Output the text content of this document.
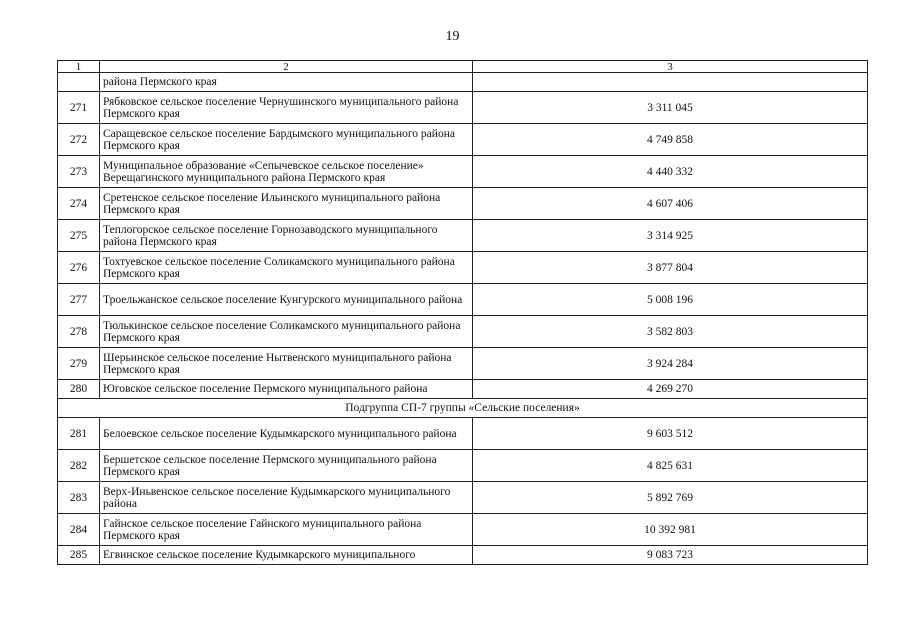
19
1	2	3
	района Пермского края	
271	Рябковское сельское поселение Чернушинского муниципального района Пермского края	3 311 045
272	Саращевское сельское поселение Бардымского муниципального района Пермского края	4 749 858
273	Муниципальное образование «Сепычевское сельское поселение» Верещагинского муниципального района Пермского края	4 440 332
274	Сретенское сельское поселение Ильинского муниципального района Пермского края	4 607 406
275	Теплогорское сельское поселение Горнозаводского муниципального района Пермского края	3 314 925
276	Тохтуевское сельское поселение Соликамского муниципального района Пермского края	3 877 804
277	Троельжанское сельское поселение Кунгурского муниципального района	5 008 196
278	Тюлькинское сельское поселение Соликамского муниципального района Пермского края	3 582 803
279	Шерьинское сельское поселение Нытвенского муниципального района Пермского края	3 924 284
280	Юговское сельское поселение Пермского муниципального района	4 269 270
Подгруппа СП-7 группы «Сельские поселения»		
281	Белоевское сельское поселение Кудымкарского муниципального района	9 603 512
282	Бершетское сельское поселение Пермского муниципального района Пермского края	4 825 631
283	Верх-Иньвенское сельское поселение Кудымкарского муниципального района	5 892 769
284	Гайнское сельское поселение Гайнского муниципального района Пермского края	10 392 981
285	Егвинское сельское поселение Кудымкарского муниципального	9 083 723
